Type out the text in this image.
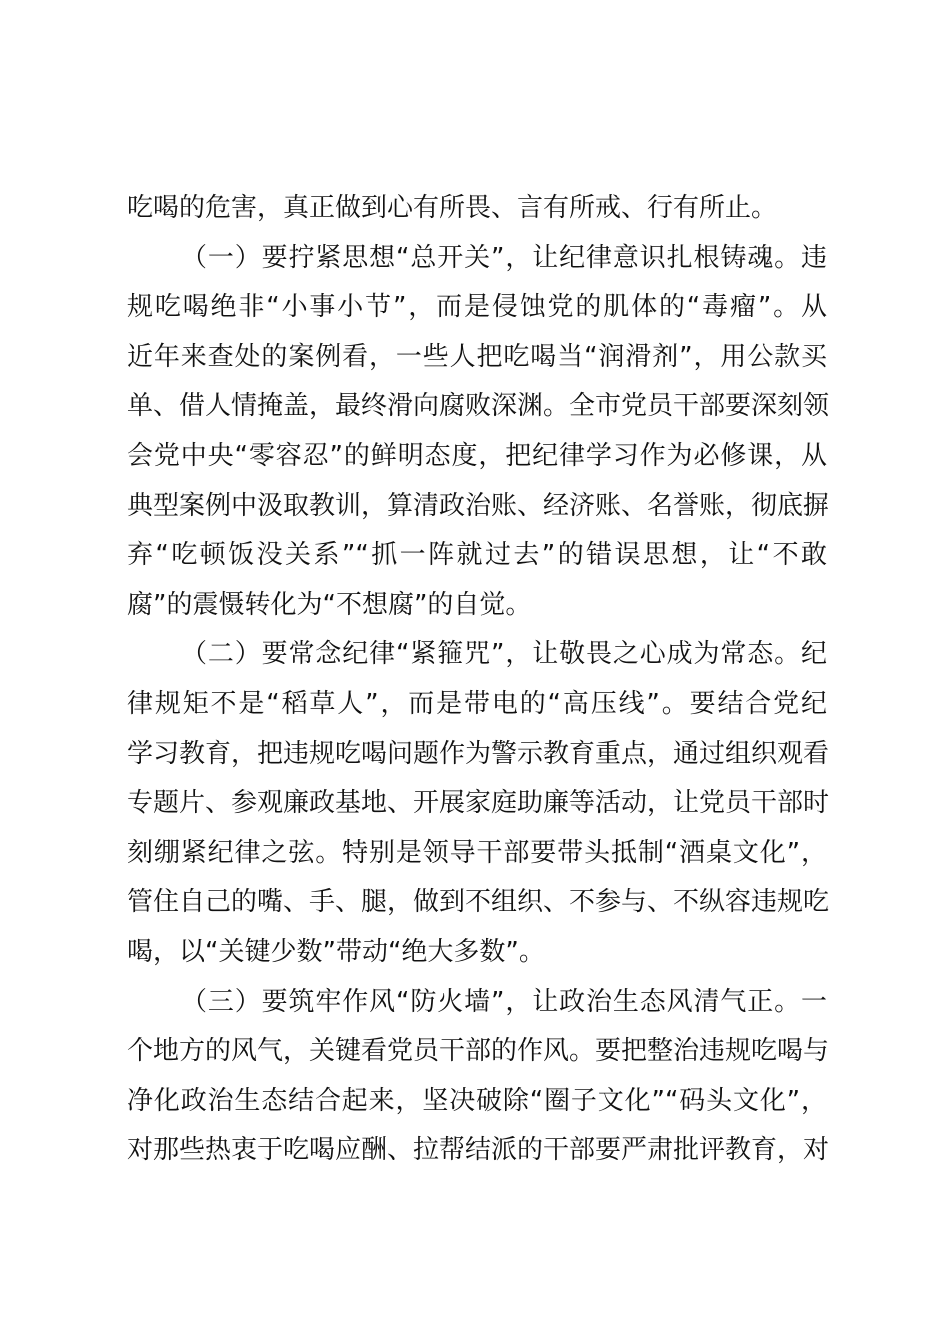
吃喝的危害，真正做到心有所畏、言有所戒、行有所止。
（一）要拧紧思想“总开关”，让纪律意识扎根铸魂。违
规吃喝绝非“小事小节”，而是侵蚀党的肌体的“毒瘤”。从
近年来查处的案例看，一些人把吃喝当“润滑剂”，用公款买
单、借人情掩盖，最终滑向腐败深渊。全市党员干部要深刻领
会党中央“零容忍”的鲜明态度，把纪律学习作为必修课，从
典型案例中汲取教训，算清政治账、经济账、名誉账，彻底摒
弃“吃顿饭没关系”“抓一阵就过去”的错误思想，让“不敢
腐”的震慑转化为“不想腐”的自觉。
（二）要常念纪律“紧箍咒”，让敬畏之心成为常态。纪
律规矩不是“稻草人”，而是带电的“高压线”。要结合党纪
学习教育，把违规吃喝问题作为警示教育重点，通过组织观看
专题片、参观廉政基地、开展家庭助廉等活动，让党员干部时
刻绷紧纪律之弦。特别是领导干部要带头抵制“酒桌文化”，
管住自己的嘴、手、腿，做到不组织、不参与、不纵容违规吃
喝，以“关键少数”带动“绝大多数”。
（三）要筑牢作风“防火墙”，让政治生态风清气正。一
个地方的风气，关键看党员干部的作风。要把整治违规吃喝与
净化政治生态结合起来，坚决破除“圈子文化”“码头文化”，
对那些热衷于吃喝应酬、拉帮结派的干部要严肃批评教育，对
